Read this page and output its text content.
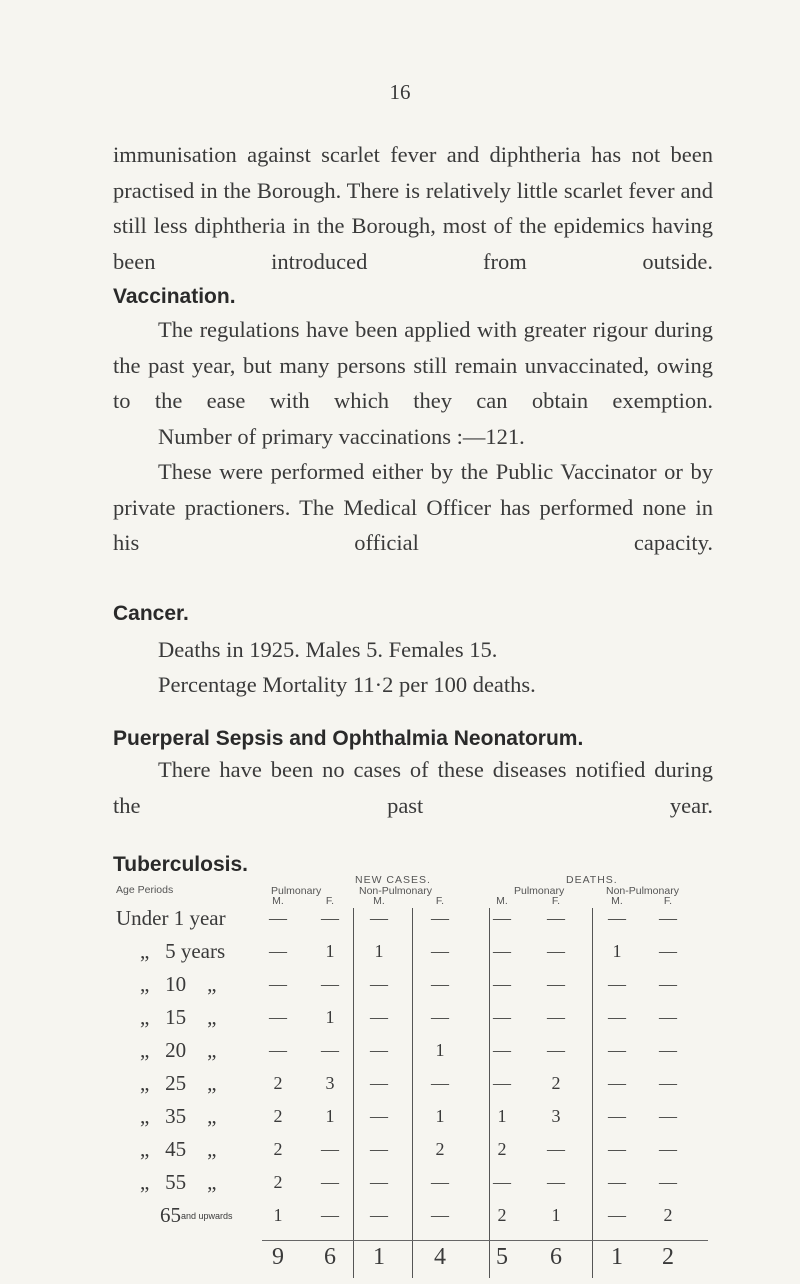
16
immunisation against scarlet fever and diphtheria has not been practised in the Borough. There is relatively little scarlet fever and still less diphtheria in the Borough, most of the epidemics having been introduced from outside.
Vaccination.
The regulations have been applied with greater rigour during the past year, but many persons still remain unvaccinated, owing to the ease with which they can obtain exemption.
Number of primary vaccinations :—121.
These were performed either by the Public Vaccinator or by private practioners. The Medical Officer has performed none in his official capacity.
Cancer.
Deaths in 1925. Males 5. Females 15.
Percentage Mortality 11·2 per 100 deaths.
Puerperal Sepsis and Ophthalmia Neonatorum.
There have been no cases of these diseases notified during the past year.
Tuberculosis.
Age Periods
NEW CASES.	DEATHS.
Pulmonary	Non-Pulmonary	Pulmonary	Non-Pulmonary
M.	F.	M.	F.	M.	F.	M.	F.
Under 1 year	—	—	—	—	—	—	—	—
„   5 years	—	1	1	—	—	—	1	—
„   10    „	—	—	—	—	—	—	—	—
„   15    „	—	1	—	—	—	—	—	—
„   20    „	—	—	—	1	—	—	—	—
„   25    „	2	3	—	—	—	2	—	—
„   35    „	2	1	—	1	1	3	—	—
„   45    „	2	—	—	2	2	—	—	—
„   55    „	2	—	—	—	—	—	—	—
65and upwards	1	—	—	—	2	1	—	2
9	6	1	4	5	6	1	2
